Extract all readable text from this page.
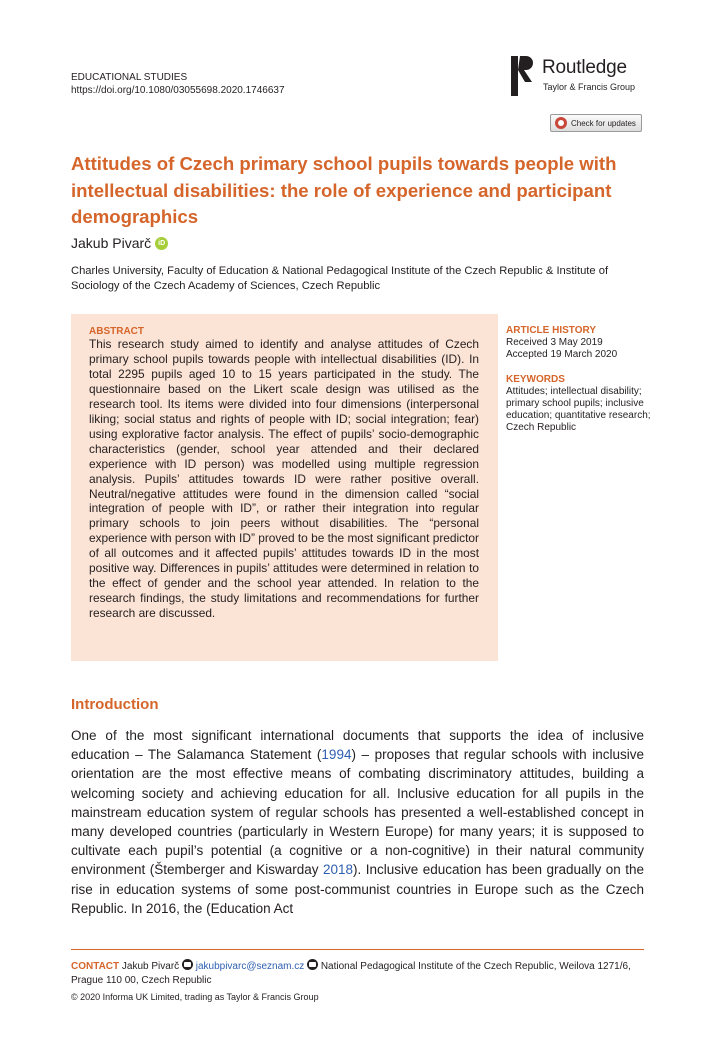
EDUCATIONAL STUDIES
https://doi.org/10.1080/03055698.2020.1746637
Routledge
Taylor & Francis Group
Check for updates
Attitudes of Czech primary school pupils towards people with intellectual disabilities: the role of experience and participant demographics
Jakub Pivarč	iD
Charles University, Faculty of Education & National Pedagogical Institute of the Czech Republic & Institute of Sociology of the Czech Academy of Sciences, Czech Republic
ABSTRACT
This research study aimed to identify and analyse attitudes of Czech primary school pupils towards people with intellectual disabilities (ID). In total 2295 pupils aged 10 to 15 years participated in the study. The questionnaire based on the Likert scale design was utilised as the research tool. Its items were divided into four dimensions (interpersonal liking; social status and rights of people with ID; social integration; fear) using explorative factor analysis. The effect of pupils’ socio-demographic characteristics (gender, school year attended and their declared experience with ID person) was modelled using multiple regression analysis. Pupils’ attitudes towards ID were rather positive overall. Neutral/negative attitudes were found in the dimension called “social integration of people with ID”, or rather their integration into regular primary schools to join peers without disabilities. The “personal experience with person with ID” proved to be the most significant predictor of all outcomes and it affected pupils’ attitudes towards ID in the most positive way. Differences in pupils’ attitudes were determined in relation to the effect of gender and the school year attended. In relation to the research findings, the study limitations and recommendations for further research are discussed.
ARTICLE HISTORY
Received 3 May 2019
Accepted 19 March 2020
KEYWORDS
Attitudes; intellectual disability; primary school pupils; inclusive education; quantitative research; Czech Republic
Introduction
One of the most significant international documents that supports the idea of inclusive education – The Salamanca Statement (1994) – proposes that regular schools with inclusive orientation are the most effective means of combating discriminatory attitudes, building a welcoming society and achieving education for all. Inclusive education for all pupils in the mainstream education system of regular schools has presented a well-established concept in many developed countries (particularly in Western Europe) for many years; it is supposed to cultivate each pupil’s potential (a cognitive or a non-cognitive) in their natural community environment (Štemberger and Kiswarday 2018). Inclusive education has been gradually on the rise in education systems of some post-communist countries in Europe such as the Czech Republic. In 2016, the (Education Act
CONTACT Jakub Pivarč jakubpivarc@seznam.cz National Pedagogical Institute of the Czech Republic, Weilova 1271/6, Prague 110 00, Czech Republic
© 2020 Informa UK Limited, trading as Taylor & Francis Group
